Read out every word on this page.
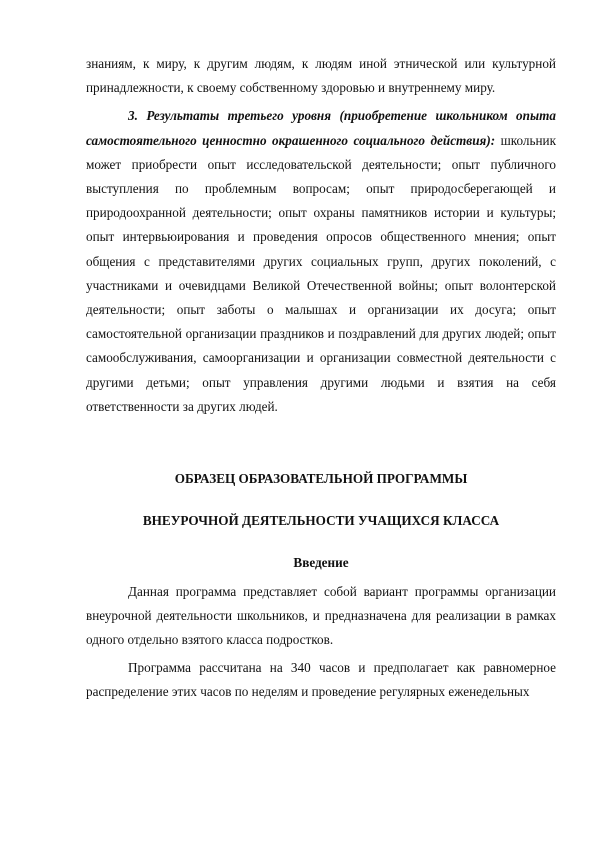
знаниям, к миру, к другим людям, к людям иной этнической или культурной принадлежности, к своему собственному здоровью и внутреннему миру.

3. Результаты третьего уровня (приобретение школьником опыта самостоятельного ценностно окрашенного социального действия): школьник может приобрести опыт исследовательской деятельности; опыт публичного выступления по проблемным вопросам; опыт природосберегающей и природоохранной деятельности; опыт охраны памятников истории и культуры; опыт интервьюирования и проведения опросов общественного мнения; опыт общения с представителями других социальных групп, других поколений, с участниками и очевидцами Великой Отечественной войны; опыт волонтерской деятельности; опыт заботы о малышах и организации их досуга; опыт самостоятельной организации праздников и поздравлений для других людей; опыт самообслуживания, самоорганизации и организации совместной деятельности с другими детьми; опыт управления другими людьми и взятия на себя ответственности за других людей.

ОБРАЗЕЦ ОБРАЗОВАТЕЛЬНОЙ ПРОГРАММЫ

ВНЕУРОЧНОЙ ДЕЯТЕЛЬНОСТИ УЧАЩИХСЯ КЛАССА

Введение

Данная программа представляет собой вариант программы организации внеурочной деятельности школьников, и предназначена для реализации в рамках одного отдельно взятого класса подростков.

Программа рассчитана на 340 часов и предполагает как равномерное распределение этих часов по неделям и проведение регулярных еженедельных
